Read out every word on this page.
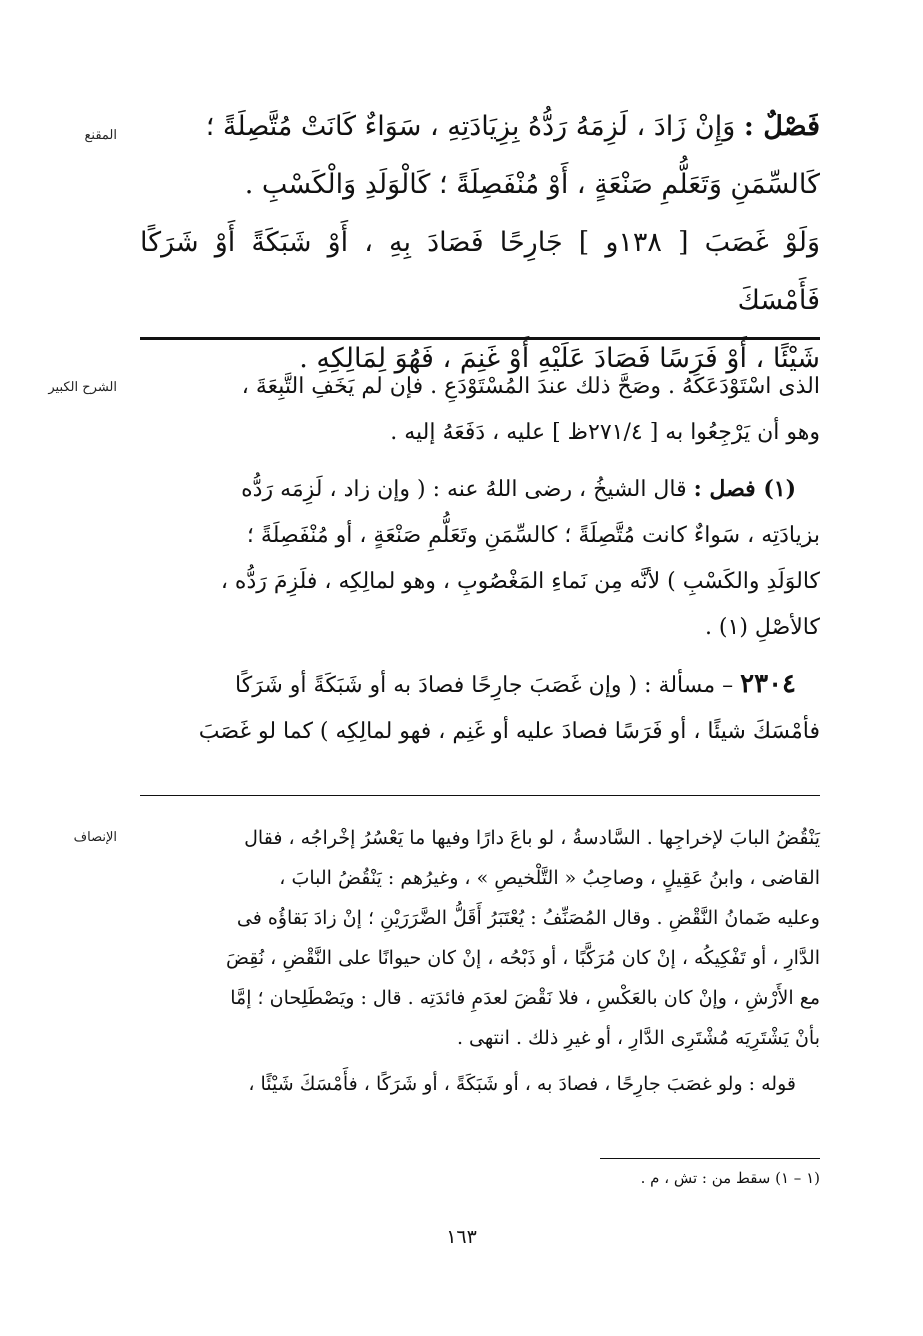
المقنع	فَصْلٌ : وَإِنْ زَادَ ، لَزِمَهُ رَدُّهُ بِزِيَادَتِهِ ، سَوَاءٌ كَانَتْ مُتَّصِلَةً ؛

كَالسِّمَنِ وَتَعَلُّمِ صَنْعَةٍ ، أَوْ مُنْفَصِلَةً ؛ كَالْوَلَدِ وَالْكَسْبِ .

وَلَوْ غَصَبَ [ ١٣٨و ] جَارِحًا فَصَادَ بِهِ ، أَوْ شَبَكَةً أَوْ شَرَكًا فَأَمْسَكَ

شَيْئًا ، أَوْ فَرَسًا فَصَادَ عَلَيْهِ أَوْ غَنِمَ ، فَهُوَ لِمَالِكِهِ .

الشرح الكبير	الذى اسْتَوْدَعَكَهُ . وصَحَّ ذلك عندَ المُسْتَوْدَعِ . فإن لم يَخَفِ التَّبِعَةَ ،

وهو أن يَرْجِعُوا به [ ٢٧١/٤ظ ] عليه ، دَفَعَهُ إليه .

(١) فصل : قال الشيخُ ، رضى اللهُ عنه : ( وإن زاد ، لَزِمَه رَدُّه

بزيادَتِه ، سَواءٌ كانت مُتَّصِلَةً ؛ كالسِّمَنِ وتَعَلُّمِ صَنْعَةٍ ، أو مُنْفَصِلَةً ؛

كالوَلَدِ والكَسْبِ ) لأنَّه مِن نَماءِ المَغْصُوبِ ، وهو لمالِكِه ، فلَزِمَ رَدُّه ،

كالأصْلِ (١) .

٢٣٠٤ – مسألة : ( وإن غَصَبَ جارِحًا فصادَ به أو شَبَكَةً أو شَرَكًا

فأمْسَكَ شيئًا ، أو فَرَسًا فصادَ عليه أو غَنِم ، فهو لمالِكِه ) كما لو غَصَبَ

الإنصاف	يَنْقُضُ البابَ لإخراجِها . السَّادسةُ ، لو باعَ دارًا وفيها ما يَعْسُرُ إخْراجُه ، فقال

القاضى ، وابنُ عَقِيلٍ ، وصاحِبُ « التَّلْخيصِ » ، وغيرُهم : يَنْقُضُ البابَ ،

وعليه ضَمانُ النَّقْضِ . وقال المُصَنِّفُ : يُعْتَبَرُ أَقَلُّ الضَّرَرَيْنِ ؛ إنْ زادَ بَقاؤُه فى

الدَّارِ ، أو تَفْكِيكُه ، إنْ كان مُرَكَّبًا ، أو ذَبْحُه ، إنْ كان حيوانًا على النَّقْضِ ، نُقِضَ

مع الأَرْشِ ، وإنْ كان بالعَكْسِ ، فلا نَقْضَ لعدَمِ فائدَتِه . قال : ويَصْطَلِحان ؛ إمَّا

بأنْ يَشْتَرِيَه مُشْتَرِى الدَّارِ ، أو غيرِ ذلك . انتهى .

قوله : ولو غصَبَ جارِحًا ، فصادَ به ، أو شَبَكَةً ، أو شَرَكًا ، فأَمْسَكَ شَيْئًا ،

(١ – ١) سقط من : تش ، م .
١٦٣
